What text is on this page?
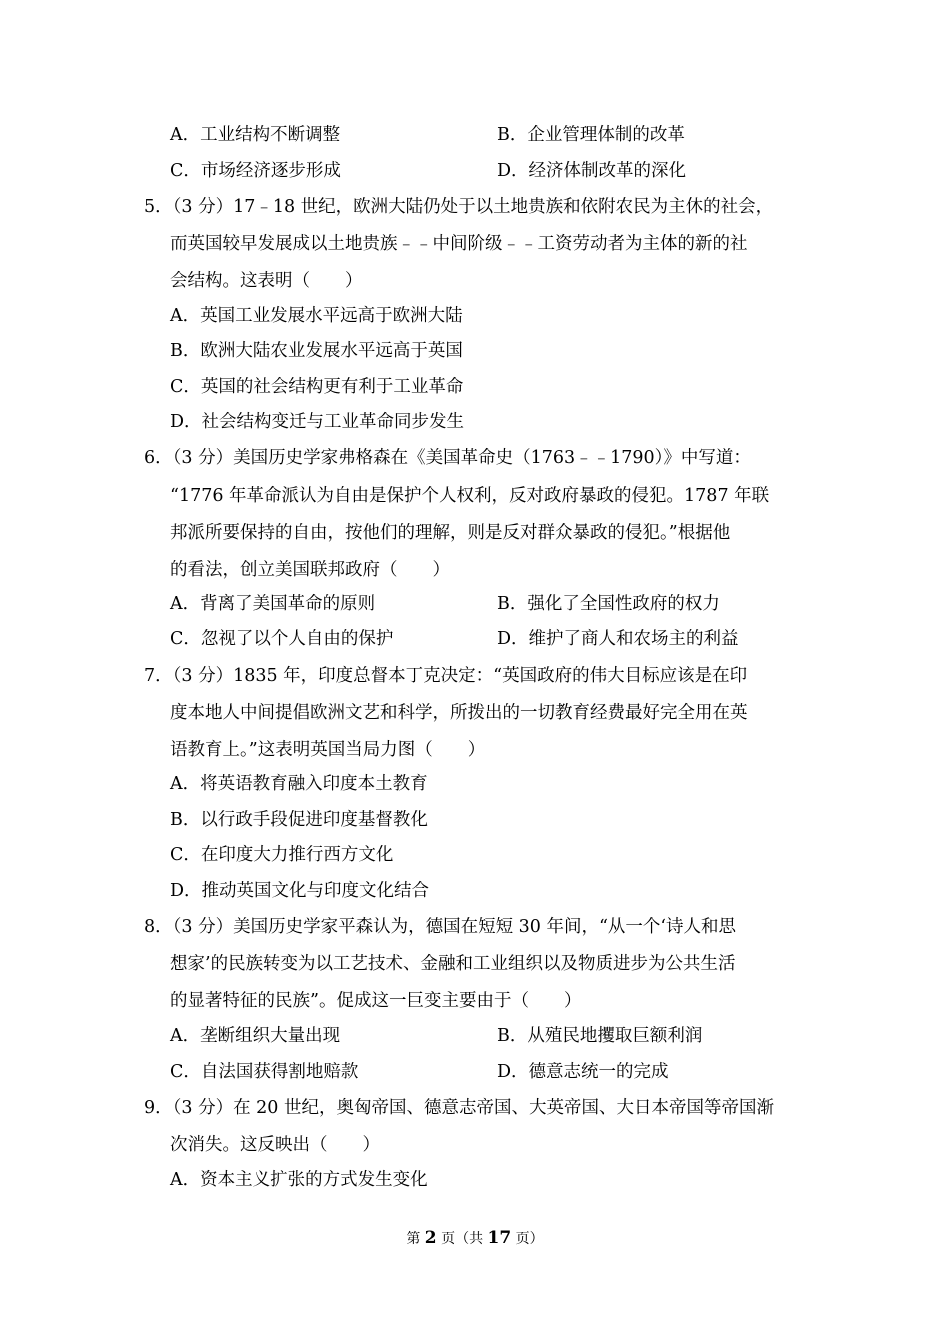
A．工业结构不断调整	B．企业管理体制的改革
C．市场经济逐步形成	D．经济体制改革的深化
5．（3 分）17﹣18 世纪，欧洲大陆仍处于以土地贵族和依附农民为主休的社会，
而英国较早发展成以土地贵族﹣﹣中间阶级﹣﹣工资劳动者为主体的新的社
会结构。这表明（　　）
A．英国工业发展水平远高于欧洲大陆
B．欧洲大陆农业发展水平远高于英国
C．英国的社会结构更有利于工业革命
D．社会结构变迁与工业革命同步发生
6．（3 分）美国历史学家弗格森在《美国革命史（1763﹣﹣1790）》中写道：
“1776 年革命派认为自由是保护个人权利，反对政府暴政的侵犯。1787 年联
邦派所要保持的自由，按他们的理解，则是反对群众暴政的侵犯。”根据他
的看法，创立美国联邦政府（　　）
A．背离了美国革命的原则	B．强化了全国性政府的权力
C．忽视了以个人自由的保护	D．维护了商人和农场主的利益
7．（3 分）1835 年，印度总督本丁克决定：“英国政府的伟大目标应该是在印
度本地人中间提倡欧洲文艺和科学，所拨出的一切教育经费最好完全用在英
语教育上。”这表明英国当局力图（　　）
A．将英语教育融入印度本土教育
B．以行政手段促进印度基督教化
C．在印度大力推行西方文化
D．推动英国文化与印度文化结合
8．（3 分）美国历史学家平森认为，德国在短短 30 年间，“从一个‘诗人和思
想家’的民族转变为以工艺技术、金融和工业组织以及物质进步为公共生活
的显著特征的民族”。促成这一巨变主要由于（　　）
A．垄断组织大量出现	B．从殖民地攫取巨额利润
C．自法国获得割地赔款	D．德意志统一的完成
9．（3 分）在 20 世纪，奥匈帝国、德意志帝国、大英帝国、大日本帝国等帝国渐
次消失。这反映出（　　）
A．资本主义扩张的方式发生变化
第 2 页（共 17 页）
